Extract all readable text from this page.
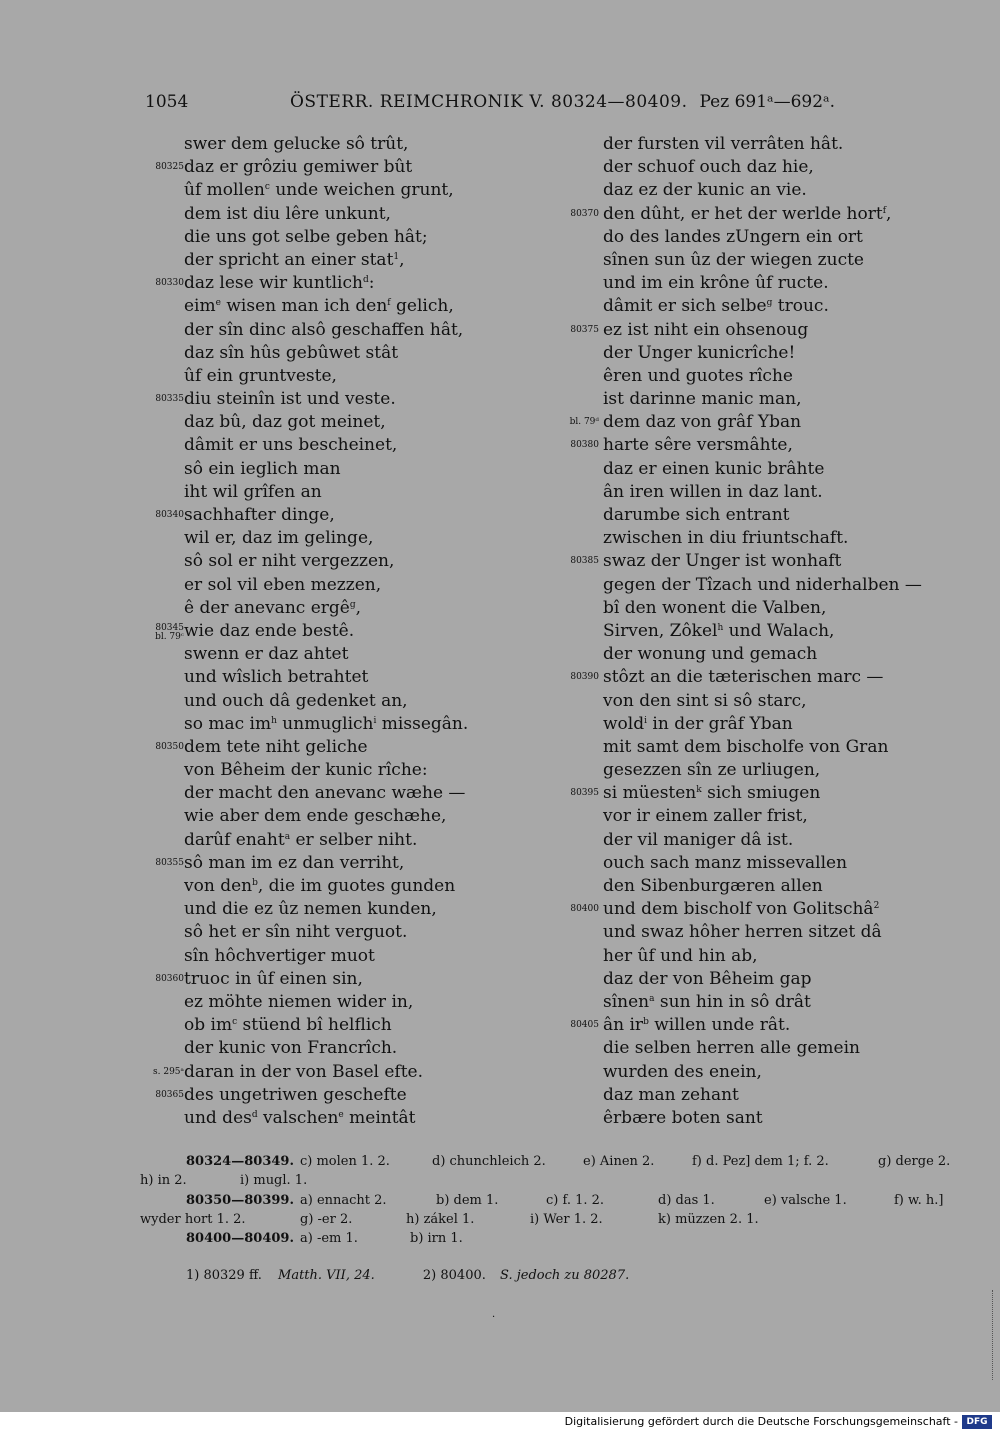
1054	ÖSTERR. REIMCHRONIK V. 80324—80409. Pez 691ᵃ—692ᵃ.
swer dem gelucke sô trût,
80325 daz er grôziu gemiwer bût
ûf mollen$^c$ unde weichen grunt,
dem ist diu lêre unkunt,
die uns got selbe geben hât;
der spricht an einer stat$^1$,
80330 daz lese wir kuntlich$^d$:
eim$^e$ wisen man ich den$^f$ gelich,
der sîn dinc alsô geschaffen hât,
daz sîn hûs gebûwet stât
ûf ein gruntveste,
80335 diu steinîn ist und veste.
daz bû, daz got meinet,
dâmit er uns bescheinet,
sô ein ieglich man
iht wil grîfen an
80340 sachhafter dinge,
wil er, daz im gelinge,
sô sol er niht vergezzen,
er sol vil eben mezzen,
ê der anevanc ergê$^g$,
80345
bl. 79ᶜ wie daz ende bestê.
swenn er daz ahtet
und wîslich betrahtet
und ouch dâ gedenket an,
so mac $im^h$ unmuglich$^i$ missegân.
80350 dem tete niht geliche
von Bêheim der kunic rîche:
der macht den anevanc wæhe —
wie aber dem ende geschæhe,
darûf enaht$^a$ er selber niht.
80355 sô man im ez dan verriht,
von den$^b$, die im guotes gunden
und die ez ûz nemen kunden,
sô het er sîn niht verguot.
sîn hôchvertiger muot
80360 truoc in ûf einen sin,
ez möhte niemen wider in,
ob $im^c$ stüend bî helflich
der kunic von Francrîch.
s. 295ᵃ daran in der von Basel efte.
80365 des ungetriwen geschefte
und des$^d$ valschen$^e$ meintât
der fursten vil verrâten hât.
der schuof ouch daz hie,
daz ez der kunic an vie.
80370 den dûht, er het der werlde hort$^f$,
do des landes zUngern ein ort
sînen sun ûz der wiegen zucte
und im ein krône ûf ructe.
dâmit er sich selbe$^g$ trouc.
80375 ez ist niht ein ohsenoug
der Unger kunicrîche!
êren und guotes rîche
ist darinne manic man,
bl. 79ᵈ dem daz von grâf Yban
80380 harte sêre versmâhte,
daz er einen kunic brâhte
ân iren willen in daz lant.
darumbe sich entrant
zwischen in diu friuntschaft.
80385 swaz der Unger ist wonhaft
gegen der Tîzach und niderhalben —
bî den wonent die Valben,
Sirven, Zôkel$^h$ und Walach,
der wonung und gemach
80390 stôzt an die tæterischen marc —
von den sint si sô starc,
wold$^i$ in der grâf Yban
mit samt dem bischolfe von Gran
gesezzen sîn ze urliugen,
80395 si müesten$^k$ sich smiugen
vor ir einem zaller frist,
der vil maniger dâ ist.
ouch sach manz missevallen
den Sibenburgæren allen
80400 und dem bischolf von Golitschâ$^2$
und swaz hôher herren sitzet dâ
her ûf und hin ab,
daz der von Bêheim gap
sînen$^a$ sun hin in sô drât
80405 ân $ir^b$ willen unde rât.
die selben herren alle gemein
wurden des enein,
daz man zehant
êrbære boten sant
80324—80349. c) molen 1. 2.	d) chunchleich 2.	e) Ainen 2.	f) d. Pez] dem 1; f. 2.	g) derge 2.
h) in 2.	i) mugl. 1.
80350—80399. a) ennacht 2.	b) dem 1.	c) f. 1. 2.	d) das 1.	e) valsche 1.	f) w. h.]
wyder hort 1. 2.	g) -er 2.	h) zákel 1.	i) Wer 1. 2.	k) müzzen 2. 1.
80400—80409. a) -em 1.	b) irn 1.
1) 80329 ff. Matth. VII, 24.	2) 80400. S. jedoch zu 80287.
·
Digitalisierung gefördert durch die Deutsche Forschungsgemeinschaft - DFG
